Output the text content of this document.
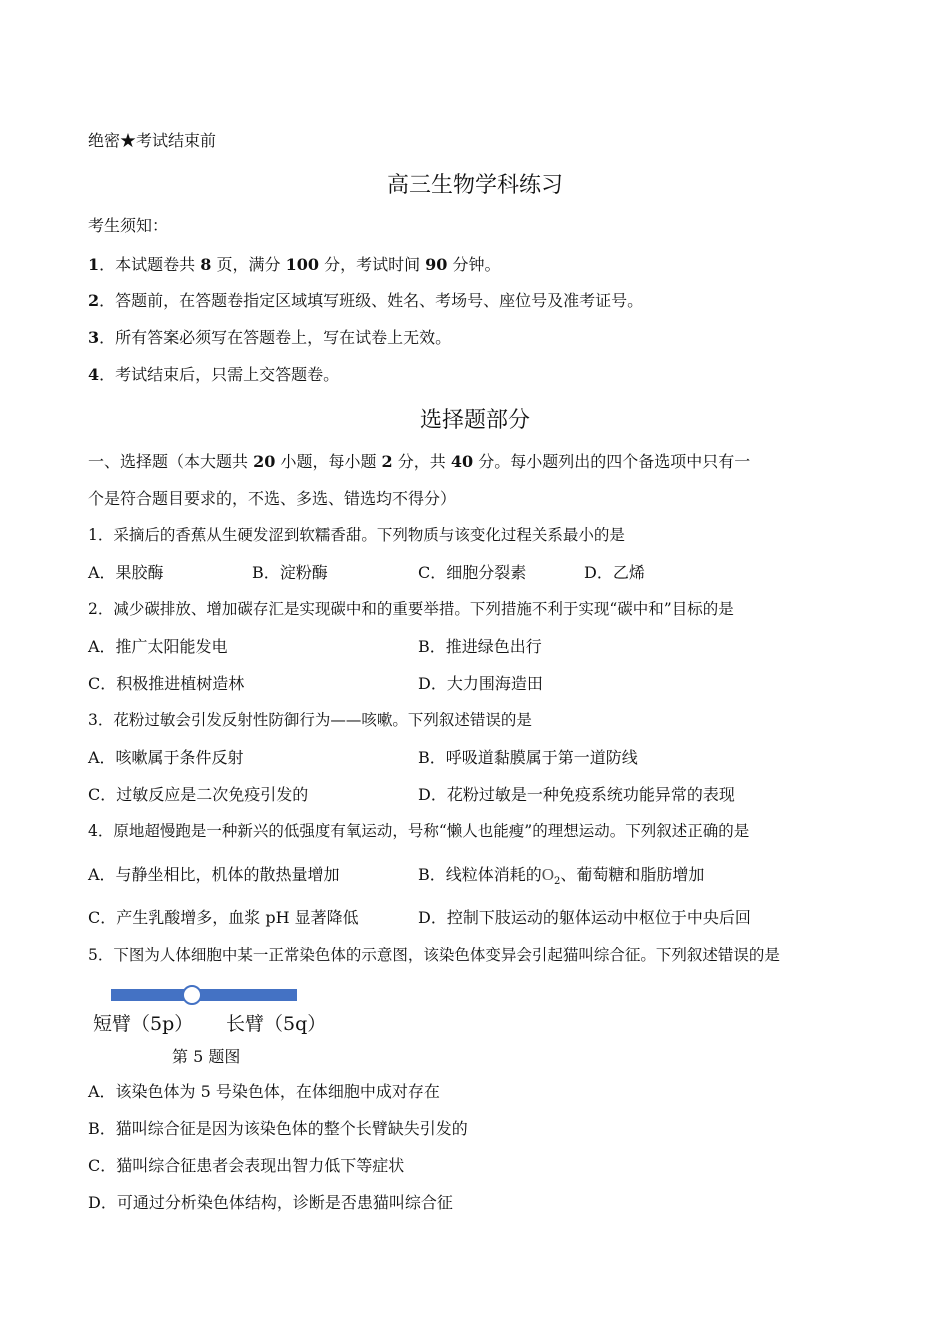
绝密★考试结束前
高三生物学科练习
考生须知：
1．本试题卷共 8 页，满分 100 分，考试时间 90 分钟。
2．答题前，在答题卷指定区域填写班级、姓名、考场号、座位号及准考证号。
3．所有答案必须写在答题卷上，写在试卷上无效。
4．考试结束后，只需上交答题卷。
选择题部分
一、选择题（本大题共 20 小题，每小题 2 分，共 40 分。每小题列出的四个备选项中只有一
个是符合题目要求的，不选、多选、错选均不得分）
1．采摘后的香蕉从生硬发涩到软糯香甜。下列物质与该变化过程关系最小的是
A．果胶酶	B．淀粉酶	C．细胞分裂素	D．乙烯
2．减少碳排放、增加碳存汇是实现碳中和的重要举措。下列措施不利于实现“碳中和”目标的是
A．推广太阳能发电	B．推进绿色出行
C．积极推进植树造林	D．大力围海造田
3．花粉过敏会引发反射性防御行为——咳嗽。下列叙述错误的是
A．咳嗽属于条件反射	B．呼吸道黏膜属于第一道防线
C．过敏反应是二次免疫引发的	D．花粉过敏是一种免疫系统功能异常的表现
4．原地超慢跑是一种新兴的低强度有氧运动，号称“懒人也能瘦”的理想运动。下列叙述正确的是
A．与静坐相比，机体的散热量增加	B．线粒体消耗的$O_2$、葡萄糖和脂肪增加
C．产生乳酸增多，血浆 pH 显著降低	D．控制下肢运动的躯体运动中枢位于中央后回
5．下图为人体细胞中某一正常染色体的示意图，该染色体变异会引起猫叫综合征。下列叙述错误的是
短臂（5p） 长臂（5q）
第 5 题图
A．该染色体为 5 号染色体，在体细胞中成对存在
B．猫叫综合征是因为该染色体的整个长臂缺失引发的
C．猫叫综合征患者会表现出智力低下等症状
D．可通过分析染色体结构，诊断是否患猫叫综合征
